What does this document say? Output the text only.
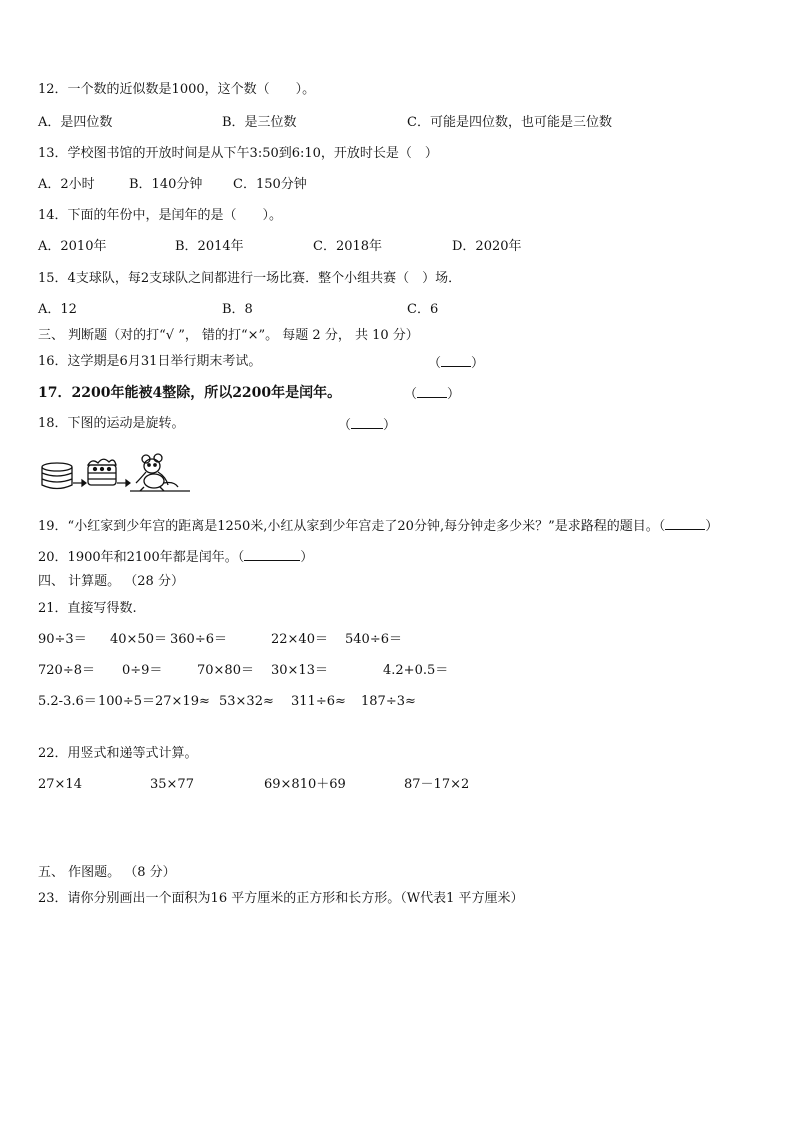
12．一个数的近似数是1000，这个数（　　）。
A．是四位数	B．是三位数	C．可能是四位数，也可能是三位数
13．学校图书馆的开放时间是从下午3:50到6:10，开放时长是（　）
A．2小时	B．140分钟 C．150分钟
14．下面的年份中，是闰年的是（　　）。
A．2010年	B．2014年	C．2018年	D．2020年
15．4支球队，每2支球队之间都进行一场比赛．整个小组共赛（　）场．
A．12	B．8	C．6
三、 判断题（对的打“√ ”， 错的打“×”。 每题 2 分， 共 10 分）
16．这学期是6月31日举行期末考试。	（ ）
17．2200年能被4整除，所以2200年是闰年。	（ ）
18．下图的运动是旋转。	（ ）
19．“小红家到少年宫的距离是1250米,小红从家到少年宫走了20分钟,每分钟走多少米？”是求路程的题目。（	）
20．1900年和2100年都是闰年。（	）
四、 计算题。 （28 分）
21．直接写得数.
90÷3＝ 40×50＝ 360÷6＝	22×40＝ 540÷6＝
720÷8＝ 0÷9＝	70×80＝ 30×13＝	4.2+0.5＝
5.2-3.6＝ 100÷5＝ 27×19≈ 53×32≈ 311÷6≈ 187÷3≈
22．用竖式和递等式计算。
27×14	35×77	69×810＋69	87－17×2
五、 作图题。 （8 分）
23．请你分别画出一个面积为16 平方厘米的正方形和长方形。（W代表1 平方厘米）
